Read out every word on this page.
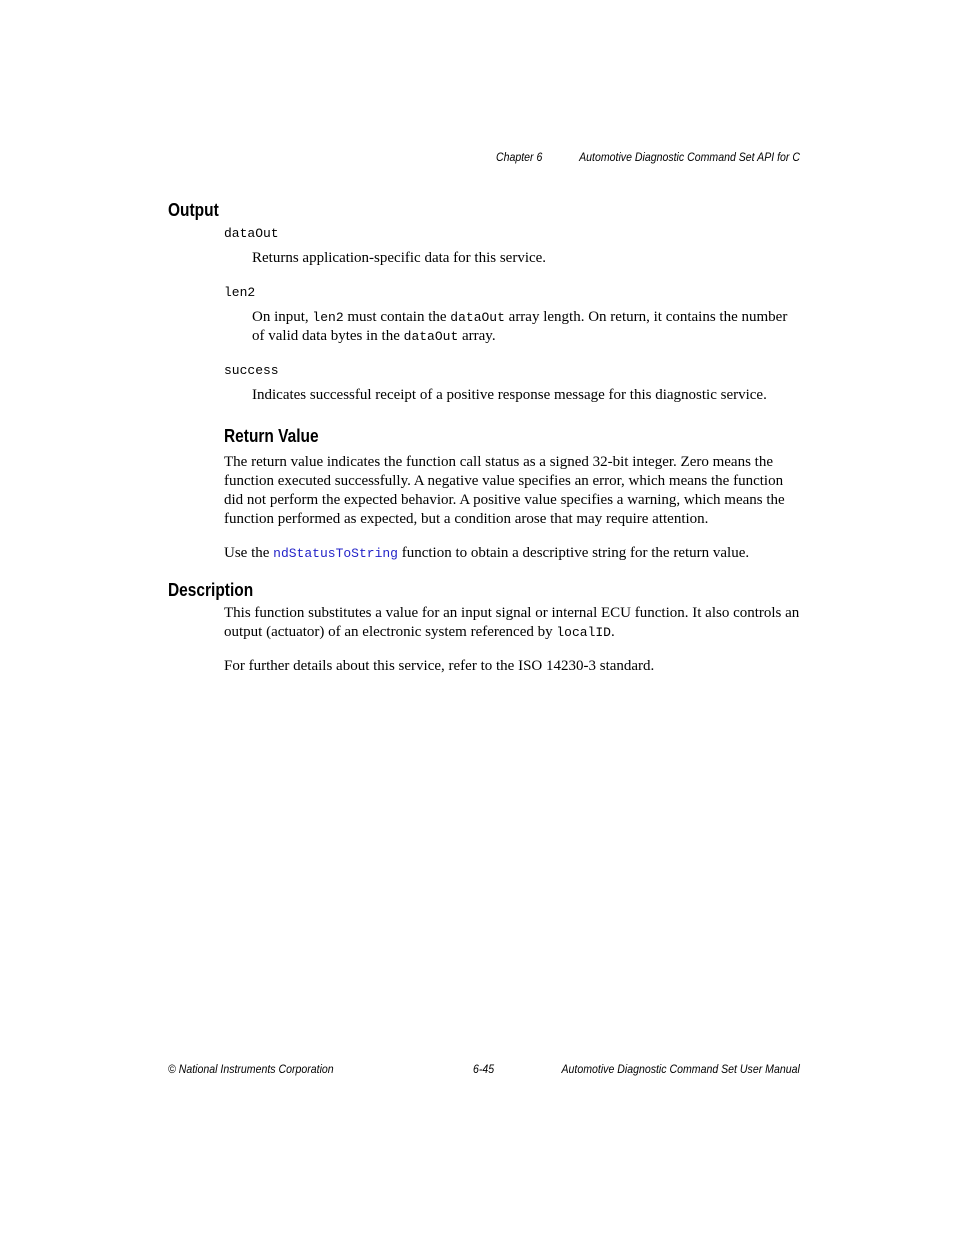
Chapter 6	Automotive Diagnostic Command Set API for C
Output
dataOut

Returns application-specific data for this service.

len2

On input, len2 must contain the dataOut array length. On return, it contains the number of valid data bytes in the dataOut array.

success

Indicates successful receipt of a positive response message for this diagnostic service.

Return Value

The return value indicates the function call status as a signed 32-bit integer. Zero means the function executed successfully. A negative value specifies an error, which means the function did not perform the expected behavior. A positive value specifies a warning, which means the function performed as expected, but a condition arose that may require attention.

Use the ndStatusToString function to obtain a descriptive string for the return value.

Description

This function substitutes a value for an input signal or internal ECU function. It also controls an output (actuator) of an electronic system referenced by localID.

For further details about this service, refer to the ISO 14230-3 standard.

© National Instruments Corporation	6-45	Automotive Diagnostic Command Set User Manual
